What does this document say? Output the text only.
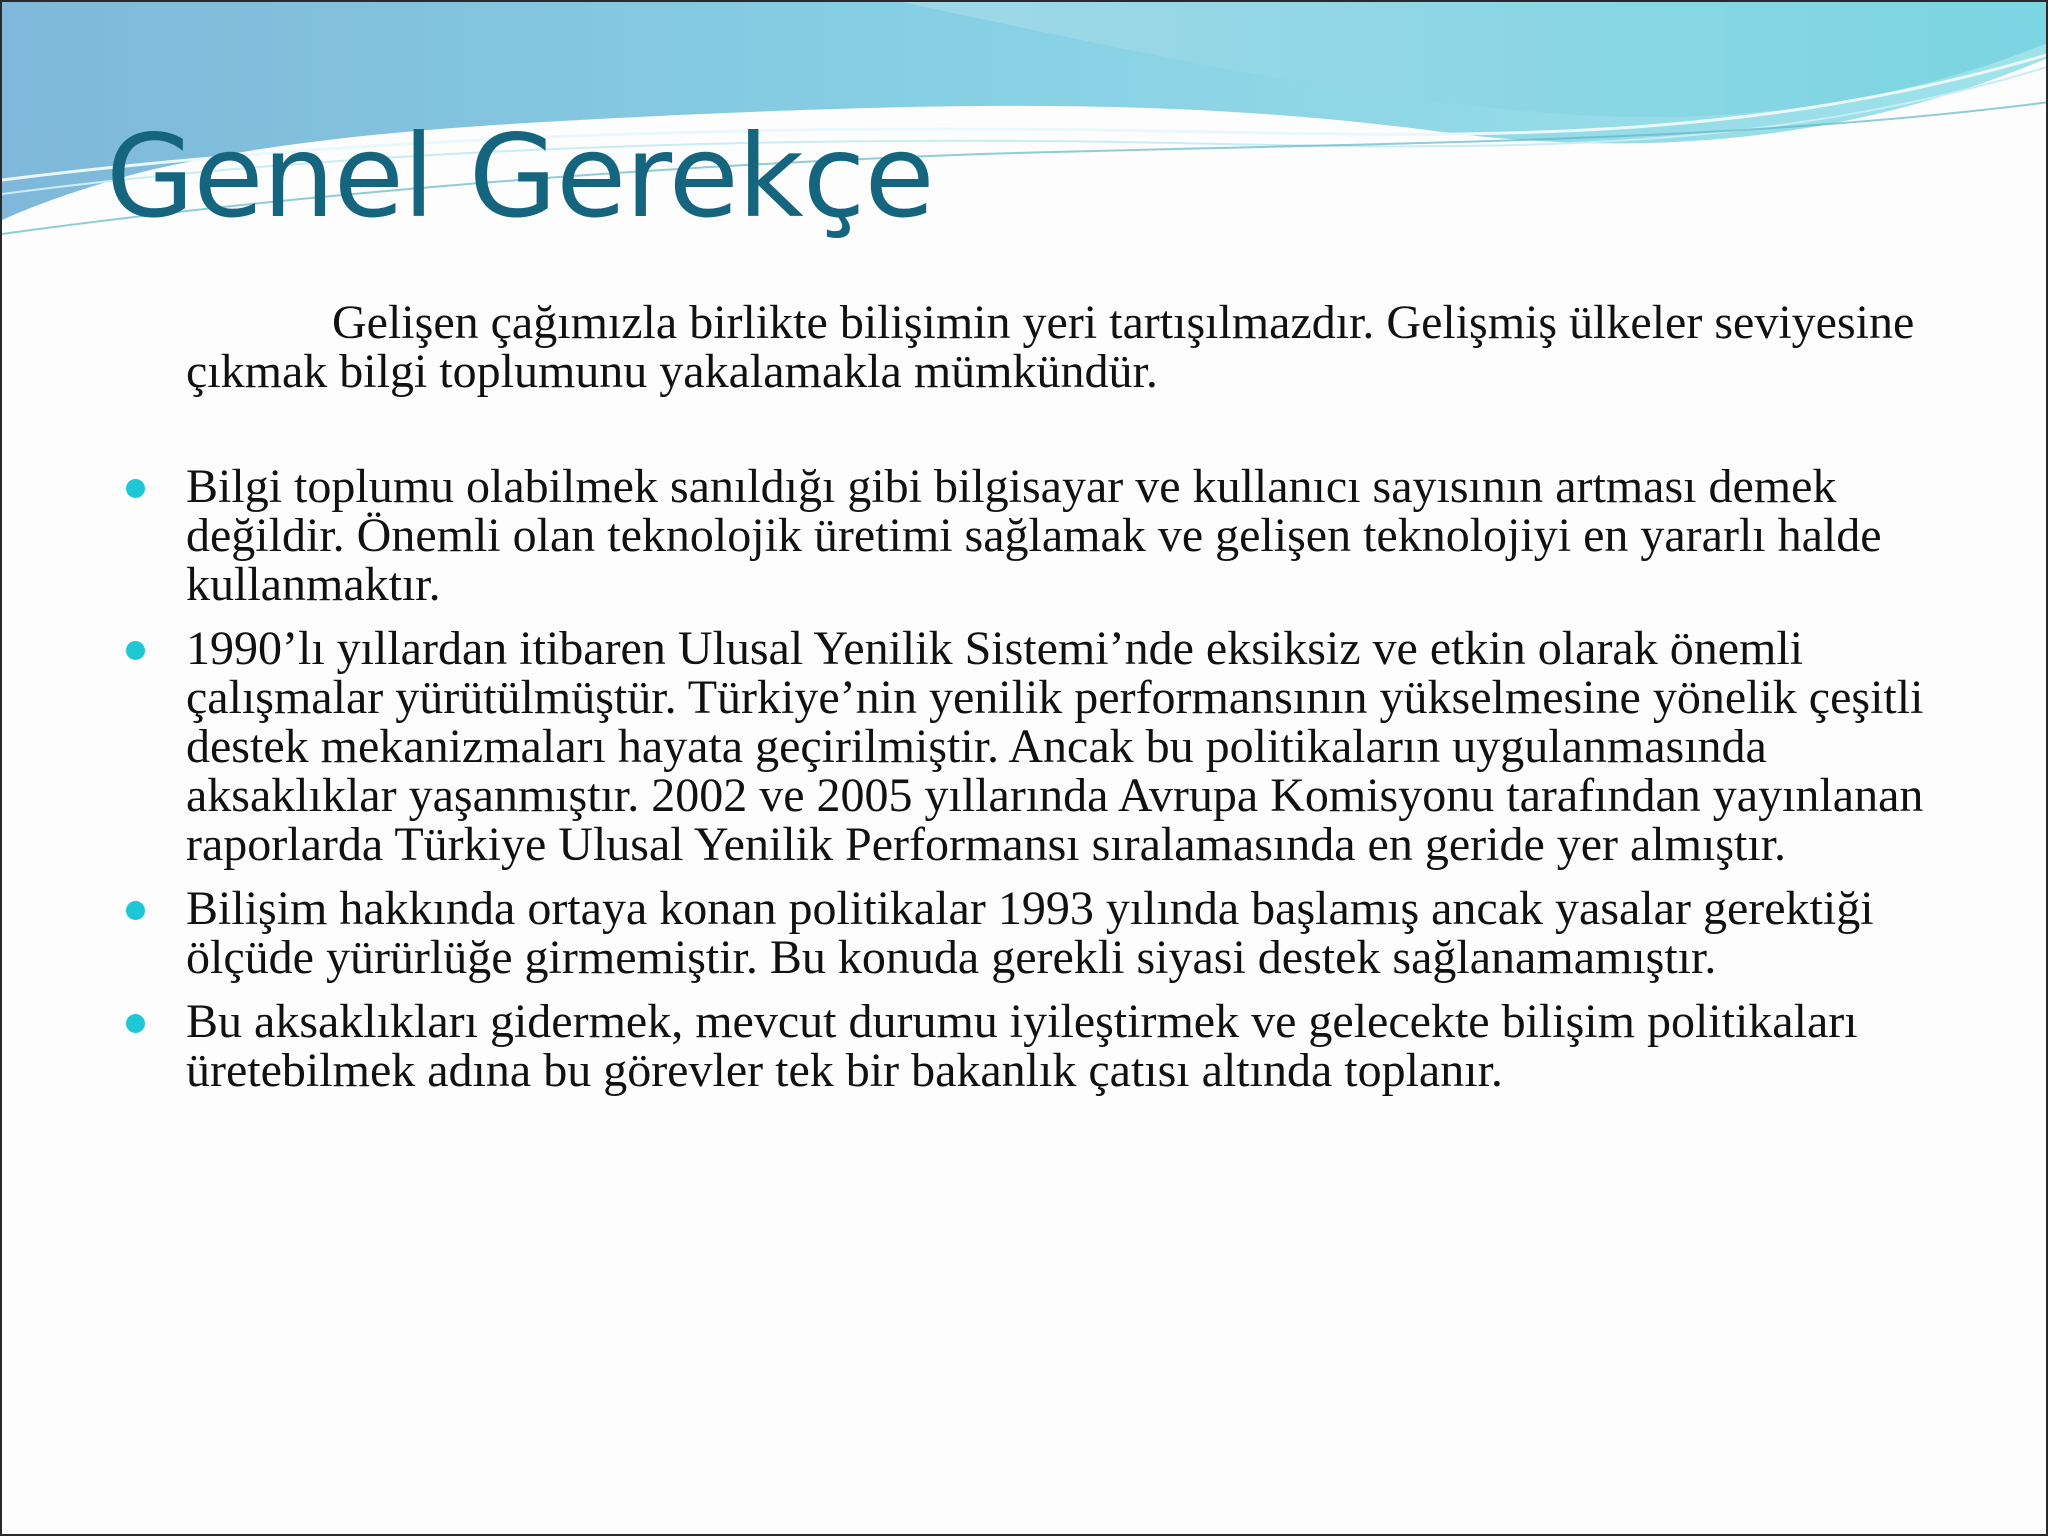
Genel Gerekçe

Gelişen çağımızla birlikte bilişimin yeri tartışılmazdır. Gelişmiş ülkeler seviyesine çıkmak bilgi toplumunu yakalamakla mümkündür.

Bilgi toplumu olabilmek sanıldığı gibi bilgisayar ve kullanıcı sayısının artması demek değildir. Önemli olan teknolojik üretimi sağlamak ve gelişen teknolojiyi en yararlı halde kullanmaktır.
1990’lı yıllardan itibaren Ulusal Yenilik Sistemi’nde eksiksiz ve etkin olarak önemli çalışmalar yürütülmüştür. Türkiye’nin yenilik performansının yükselmesine yönelik çeşitli destek mekanizmaları hayata geçirilmiştir. Ancak bu politikaların uygulanmasında aksaklıklar yaşanmıştır. 2002 ve 2005 yıllarında Avrupa Komisyonu tarafından yayınlanan raporlarda Türkiye Ulusal Yenilik Performansı sıralamasında en geride yer almıştır.
Bilişim hakkında ortaya konan politikalar 1993 yılında başlamış ancak yasalar gerektiği ölçüde yürürlüğe girmemiştir. Bu konuda gerekli siyasi destek sağlanamamıştır.
Bu aksaklıkları gidermek, mevcut durumu iyileştirmek ve gelecekte bilişim politikaları üretebilmek adına bu görevler tek bir bakanlık çatısı altında toplanır.
